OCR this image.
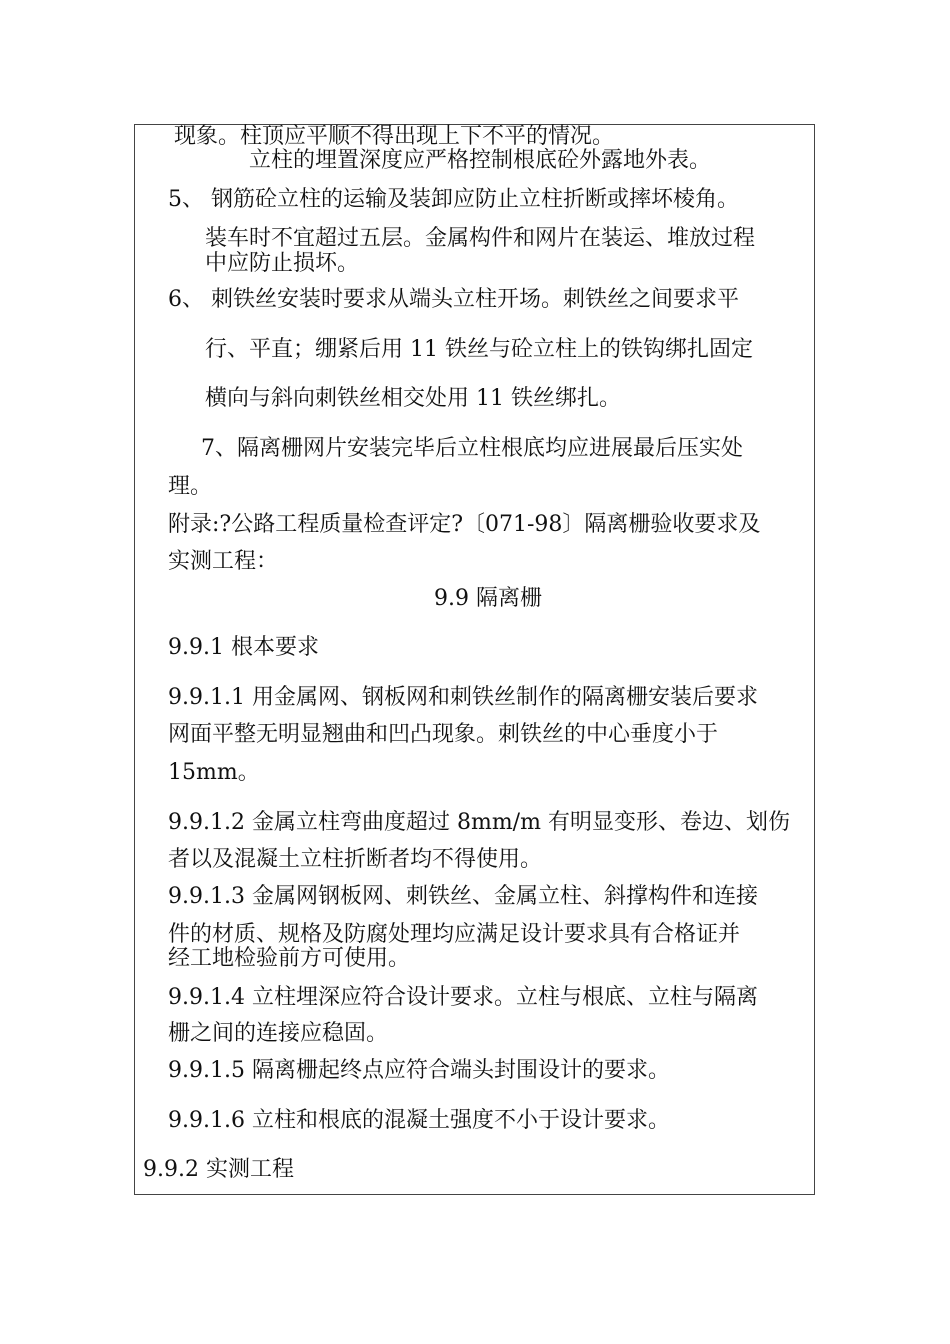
现象。柱顶应平顺不得出现上下不平的情况。
立柱的埋置深度应严格控制根底砼外露地外表。
5、 钢筋砼立柱的运输及装卸应防止立柱折断或摔坏棱角。
装车时不宜超过五层。金属构件和网片在装运、堆放过程
中应防止损坏。
6、 刺铁丝安装时要求从端头立柱开场。刺铁丝之间要求平
行、平直；绷紧后用 11 铁丝与砼立柱上的铁钩绑扎固定
横向与斜向刺铁丝相交处用 11 铁丝绑扎。
7、隔离栅网片安装完毕后立柱根底均应进展最后压实处
理。
附录:?公路工程质量检查评定?〔071-98〕隔离栅验收要求及
实测工程：
9.9 隔离栅
9.9.1 根本要求
9.9.1.1 用金属网、钢板网和刺铁丝制作的隔离栅安装后要求
网面平整无明显翘曲和凹凸现象。刺铁丝的中心垂度小于
15mm。
9.9.1.2 金属立柱弯曲度超过 8mm/m 有明显变形、卷边、划伤
者以及混凝土立柱折断者均不得使用。
9.9.1.3 金属网钢板网、刺铁丝、金属立柱、斜撑构件和连接
件的材质、规格及防腐处理均应满足设计要求具有合格证并
经工地检验前方可使用。
9.9.1.4 立柱埋深应符合设计要求。立柱与根底、立柱与隔离
栅之间的连接应稳固。
9.9.1.5 隔离栅起终点应符合端头封围设计的要求。
9.9.1.6 立柱和根底的混凝土强度不小于设计要求。
9.9.2 实测工程
